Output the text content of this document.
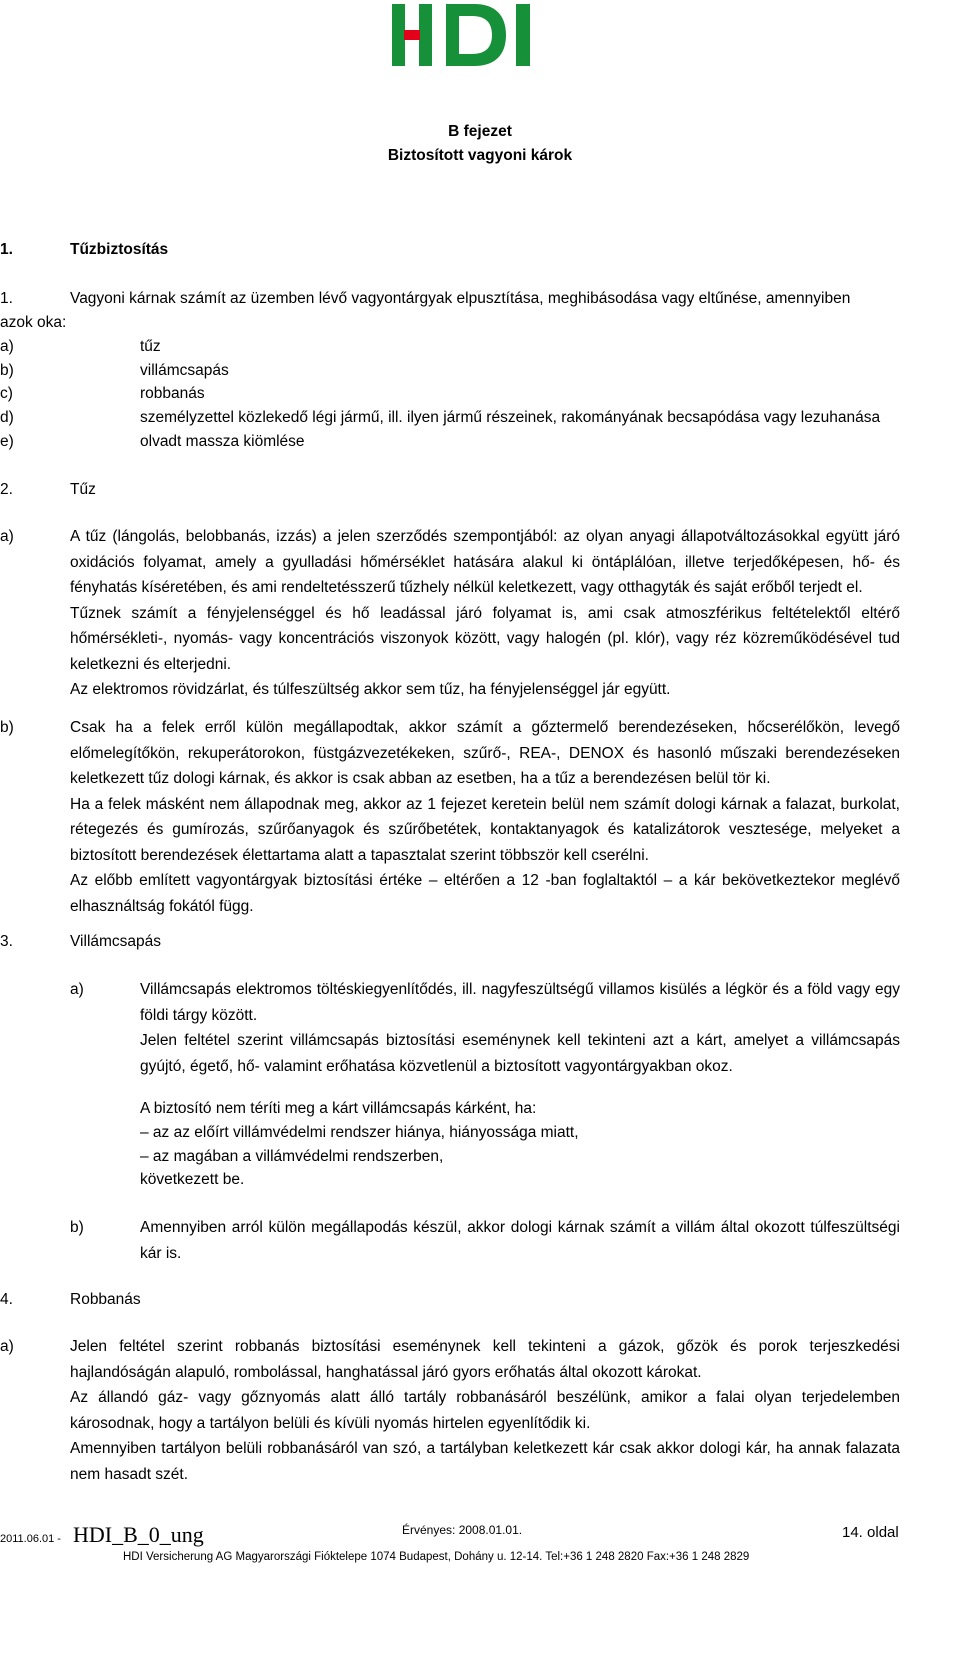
B fejezet
Biztosított vagyoni károk
1.	Tűzbiztosítás
1.	Vagyoni kárnak számít az üzemben lévő vagyontárgyak elpusztítása, meghibásodása vagy eltűnése, amennyiben
azok oka:
a)	tűz
b)	villámcsapás
c)	robbanás
d)	személyzettel közlekedő légi jármű, ill. ilyen jármű részeinek, rakományának becsapódása vagy lezuhanása
e)	olvadt massza kiömlése
2.	Tűz
a)	A tűz (lángolás, belobbanás, izzás) a jelen szerződés szempontjából: az olyan anyagi állapotváltozásokkal együtt járó oxidációs folyamat, amely a gyulladási hőmérséklet hatására alakul ki öntáplálóan, illetve terjedőképesen, hő- és fényhatás kíséretében, és ami rendeltetésszerű tűzhely nélkül keletkezett, vagy otthagyták és saját erőből terjedt el.

Tűznek számít a fényjelenséggel és hő leadással járó folyamat is, ami csak atmoszférikus feltételektől eltérő hőmérsékleti-, nyomás- vagy koncentrációs viszonyok között, vagy halogén (pl. klór), vagy réz közreműködésével tud keletkezni és elterjedni.

Az elektromos rövidzárlat, és túlfeszültség akkor sem tűz, ha fényjelenséggel jár együtt.

b)	Csak ha a felek erről külön megállapodtak, akkor számít a gőztermelő berendezéseken, hőcserélőkön, levegő előmelegítőkön, rekuperátorokon, füstgázvezetékeken, szűrő-, REA-, DENOX és hasonló műszaki berendezéseken keletkezett tűz dologi kárnak, és akkor is csak abban az esetben, ha a tűz a berendezésen belül tör ki.

Ha a felek másként nem állapodnak meg, akkor az 1 fejezet keretein belül nem számít dologi kárnak a falazat, burkolat, rétegezés és gumírozás, szűrőanyagok és szűrőbetétek, kontaktanyagok és katalizátorok vesztesége, melyeket a biztosított berendezések élettartama alatt a tapasztalat szerint többször kell cserélni.

Az előbb említett vagyontárgyak biztosítási értéke – eltérően a 12 -ban foglaltaktól – a kár bekövetkeztekor meglévő elhasználtság fokától függ.

3.	Villámcsapás
a)	Villámcsapás elektromos töltéskiegyenlítődés, ill. nagyfeszültségű villamos kisülés a légkör és a föld vagy egy földi tárgy között.

Jelen feltétel szerint villámcsapás biztosítási eseménynek kell tekinteni azt a kárt, amelyet a villámcsapás gyújtó, égető, hő- valamint erőhatása közvetlenül a biztosított vagyontárgyakban okoz.

A biztosító nem téríti meg a kárt villámcsapás kárként, ha:
– az az előírt villámvédelmi rendszer hiánya, hiányossága miatt,
– az magában a villámvédelmi rendszerben,
következett be.
b)	Amennyiben arról külön megállapodás készül, akkor dologi kárnak számít a villám által okozott túlfeszültségi kár is.

4.	Robbanás
a)	Jelen feltétel szerint robbanás biztosítási eseménynek kell tekinteni a gázok, gőzök és porok terjeszkedési hajlandóságán alapuló, rombolással, hanghatással járó gyors erőhatás által okozott károkat.

Az állandó gáz- vagy gőznyomás alatt álló tartály robbanásáról beszélünk, amikor a falai olyan terjedelemben károsodnak, hogy a tartályon belüli és kívüli nyomás hirtelen egyenlítődik ki.

Amennyiben tartályon belüli robbanásáról van szó, a tartályban keletkezett kár csak akkor dologi kár, ha annak falazata nem hasadt szét.

2011.06.01 - HDI_B_0_ung	Érvényes: 2008.01.01.	14. oldal
HDI Versicherung AG Magyarországi Fióktelepe 1074 Budapest, Dohány u. 12-14. Tel:+36 1 248 2820 Fax:+36 1 248 2829
